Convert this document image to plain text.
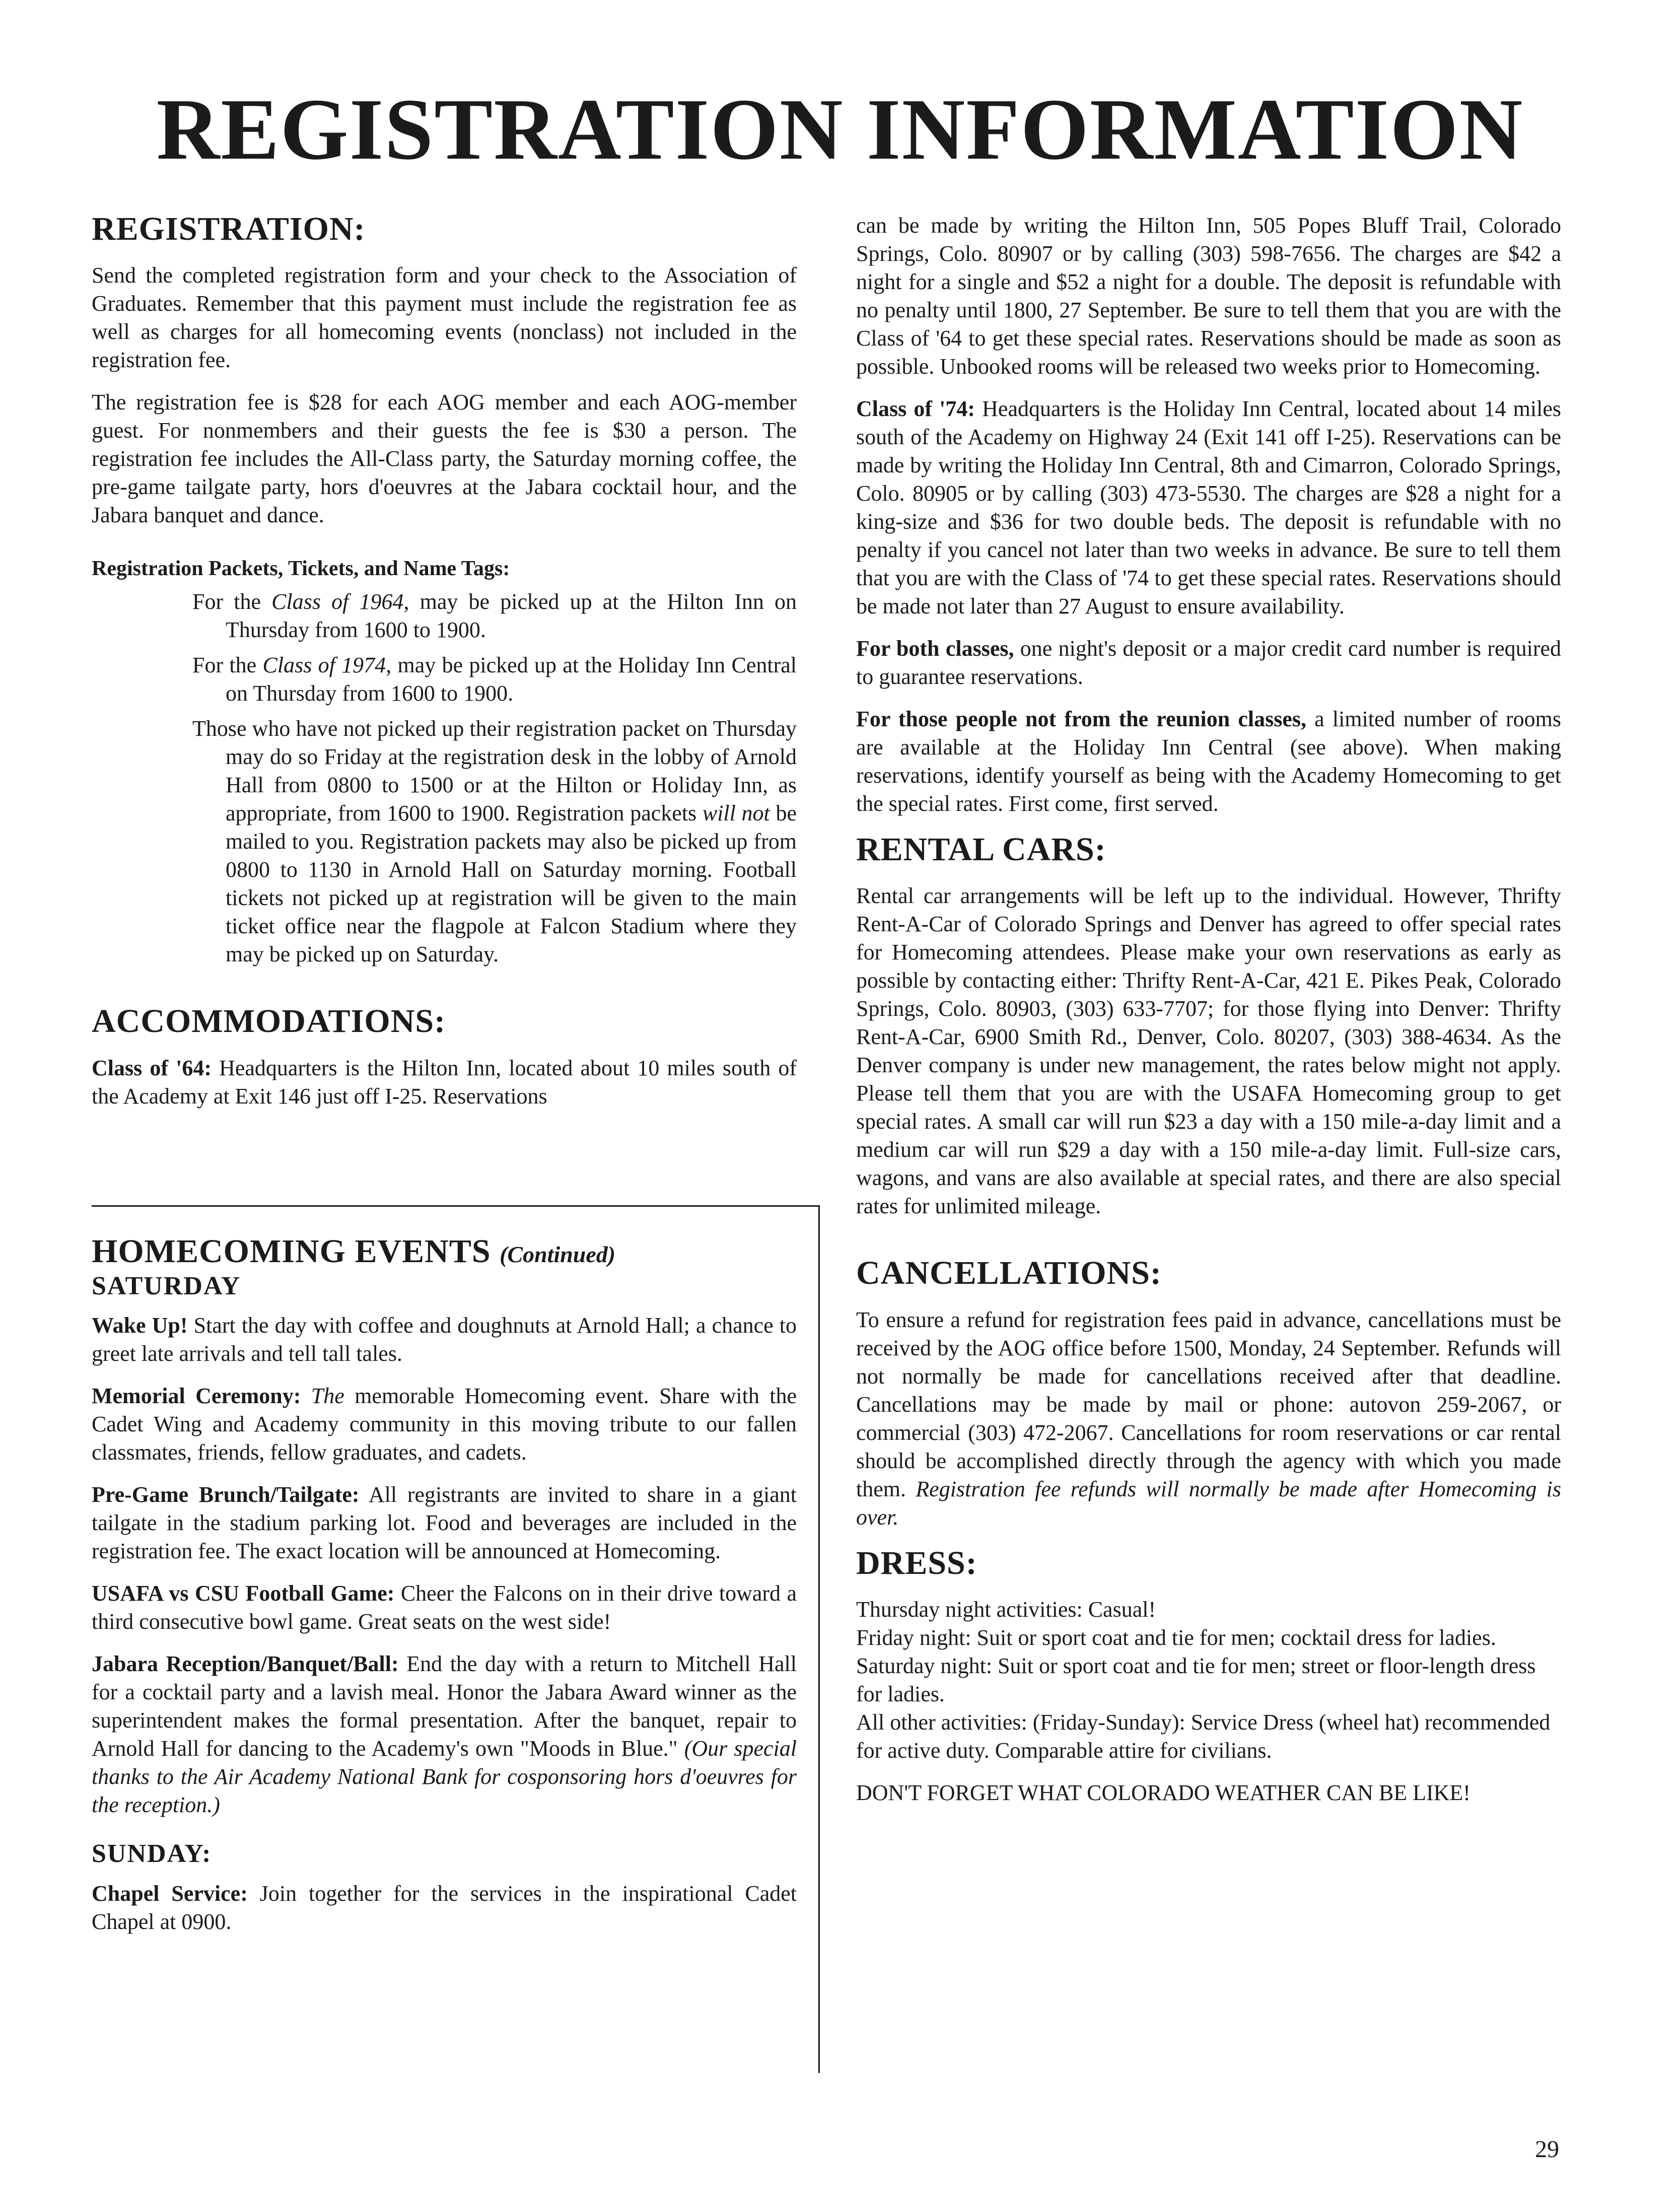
REGISTRATION INFORMATION
REGISTRATION:

Send the completed registration form and your check to the Association of Graduates. Remember that this payment must include the registration fee as well as charges for all homecoming events (nonclass) not included in the registration fee.

The registration fee is $28 for each AOG member and each AOG-member guest. For nonmembers and their guests the fee is $30 a person. The registration fee includes the All-Class party, the Saturday morning coffee, the pre-game tailgate party, hors d'oeuvres at the Jabara cocktail hour, and the Jabara banquet and dance.

Registration Packets, Tickets, and Name Tags:

For the Class of 1964, may be picked up at the Hilton Inn on Thursday from 1600 to 1900.

For the Class of 1974, may be picked up at the Holiday Inn Central on Thursday from 1600 to 1900.

Those who have not picked up their registration packet on Thursday may do so Friday at the registration desk in the lobby of Arnold Hall from 0800 to 1500 or at the Hilton or Holiday Inn, as appropriate, from 1600 to 1900. Registration packets will not be mailed to you. Registration packets may also be picked up from 0800 to 1130 in Arnold Hall on Saturday morning. Football tickets not picked up at registration will be given to the main ticket office near the flagpole at Falcon Stadium where they may be picked up on Saturday.

ACCOMMODATIONS:

Class of '64: Headquarters is the Hilton Inn, located about 10 miles south of the Academy at Exit 146 just off I-25. Reservations

HOMECOMING EVENTS (Continued)
SATURDAY

Wake Up! Start the day with coffee and doughnuts at Arnold Hall; a chance to greet late arrivals and tell tall tales.

Memorial Ceremony: The memorable Homecoming event. Share with the Cadet Wing and Academy community in this moving tribute to our fallen classmates, friends, fellow graduates, and cadets.

Pre-Game Brunch/Tailgate: All registrants are invited to share in a giant tailgate in the stadium parking lot. Food and beverages are included in the registration fee. The exact location will be announced at Homecoming.

USAFA vs CSU Football Game: Cheer the Falcons on in their drive toward a third consecutive bowl game. Great seats on the west side!

Jabara Reception/Banquet/Ball: End the day with a return to Mitchell Hall for a cocktail party and a lavish meal. Honor the Jabara Award winner as the superintendent makes the formal presentation. After the banquet, repair to Arnold Hall for dancing to the Academy's own "Moods in Blue." (Our special thanks to the Air Academy National Bank for cosponsoring hors d'oeuvres for the reception.)

SUNDAY:

Chapel Service: Join together for the services in the inspirational Cadet Chapel at 0900.

can be made by writing the Hilton Inn, 505 Popes Bluff Trail, Colorado Springs, Colo. 80907 or by calling (303) 598-7656. The charges are $42 a night for a single and $52 a night for a double. The deposit is refundable with no penalty until 1800, 27 September. Be sure to tell them that you are with the Class of '64 to get these special rates. Reservations should be made as soon as possible. Unbooked rooms will be released two weeks prior to Homecoming.

Class of '74: Headquarters is the Holiday Inn Central, located about 14 miles south of the Academy on Highway 24 (Exit 141 off I-25). Reservations can be made by writing the Holiday Inn Central, 8th and Cimarron, Colorado Springs, Colo. 80905 or by calling (303) 473-5530. The charges are $28 a night for a king-size and $36 for two double beds. The deposit is refundable with no penalty if you cancel not later than two weeks in advance. Be sure to tell them that you are with the Class of '74 to get these special rates. Reservations should be made not later than 27 August to ensure availability.

For both classes, one night's deposit or a major credit card number is required to guarantee reservations.

For those people not from the reunion classes, a limited number of rooms are available at the Holiday Inn Central (see above). When making reservations, identify yourself as being with the Academy Homecoming to get the special rates. First come, first served.

RENTAL CARS:

Rental car arrangements will be left up to the individual. However, Thrifty Rent-A-Car of Colorado Springs and Denver has agreed to offer special rates for Homecoming attendees. Please make your own reservations as early as possible by contacting either: Thrifty Rent-A-Car, 421 E. Pikes Peak, Colorado Springs, Colo. 80903, (303) 633-7707; for those flying into Denver: Thrifty Rent-A-Car, 6900 Smith Rd., Denver, Colo. 80207, (303) 388-4634. As the Denver company is under new management, the rates below might not apply. Please tell them that you are with the USAFA Homecoming group to get special rates. A small car will run $23 a day with a 150 mile-a-day limit and a medium car will run $29 a day with a 150 mile-a-day limit. Full-size cars, wagons, and vans are also available at special rates, and there are also special rates for unlimited mileage.

CANCELLATIONS:

To ensure a refund for registration fees paid in advance, cancellations must be received by the AOG office before 1500, Monday, 24 September. Refunds will not normally be made for cancellations received after that deadline. Cancellations may be made by mail or phone: autovon 259-2067, or commercial (303) 472-2067. Cancellations for room reservations or car rental should be accomplished directly through the agency with which you made them. Registration fee refunds will normally be made after Homecoming is over.

DRESS:

Thursday night activities: Casual!

Friday night: Suit or sport coat and tie for men; cocktail dress for ladies.

Saturday night: Suit or sport coat and tie for men; street or floor-length dress for ladies.

All other activities: (Friday-Sunday): Service Dress (wheel hat) recommended for active duty. Comparable attire for civilians.

DON'T FORGET WHAT COLORADO WEATHER CAN BE LIKE!

29
